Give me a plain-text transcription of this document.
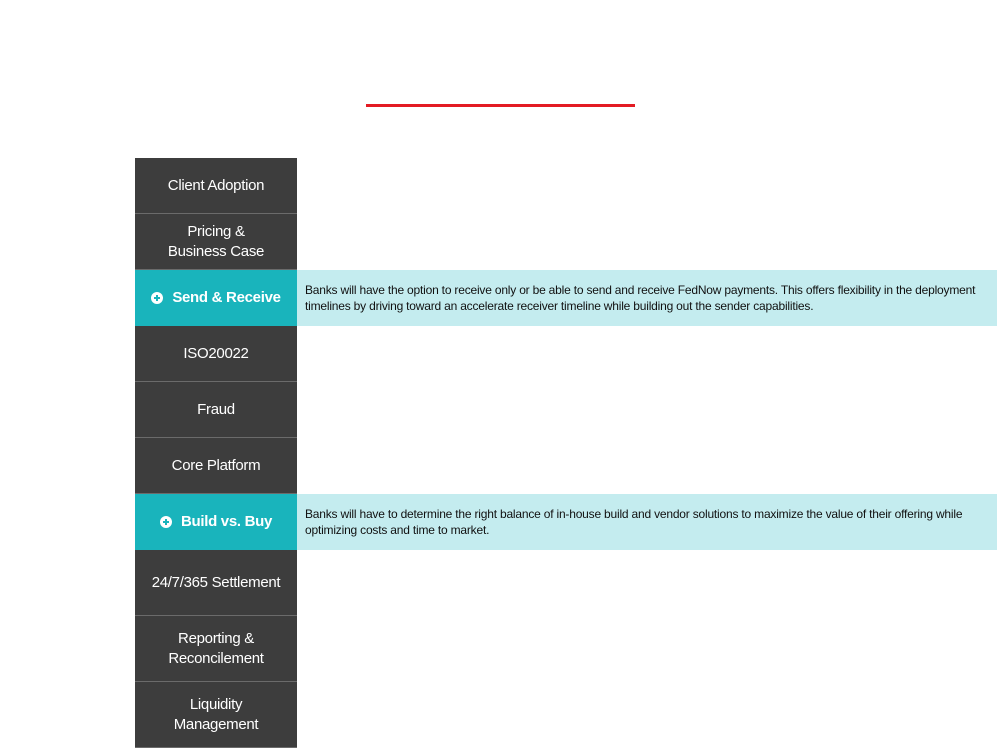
Client Adoption
Pricing &
Business Case
Send & Receive	Banks will have the option to receive only or be able to send and receive FedNow payments. This offers flexibility in the deployment timelines by driving toward an accelerate receiver timeline while building out the sender capabilities.
ISO20022
Fraud
Core Platform
Build vs. Buy	Banks will have to determine the right balance of in-house build and vendor solutions to maximize the value of their offering while optimizing costs and time to market.
24/7/365 Settlement
Reporting &
Reconcilement
Liquidity
Management
